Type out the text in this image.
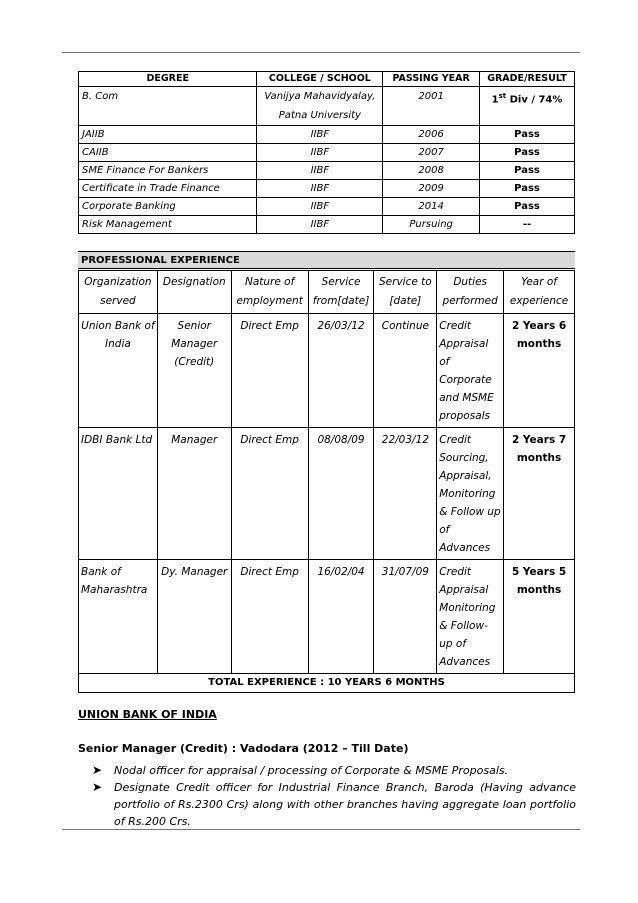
DEGREE	COLLEGE / SCHOOL	PASSING YEAR	GRADE/RESULT
B. Com	Vanijya Mahavidyalay, Patna University	2001	1st Div / 74%
JAIIB	IIBF	2006	Pass
CAIIB	IIBF	2007	Pass
SME Finance For Bankers	IIBF	2008	Pass
Certificate in Trade Finance	IIBF	2009	Pass
Corporate Banking	IIBF	2014	Pass
Risk Management	IIBF	Pursuing	--
PROFESSIONAL EXPERIENCE
Organization served	Designation	Nature of employment	Service from[date]	Service to [date]	Duties performed	Year of experience
Union Bank of India	Senior Manager (Credit)	Direct Emp	26/03/12	Continue	Credit Appraisal of Corporate and MSME proposals	2 Years 6 months
IDBI Bank Ltd	Manager	Direct Emp	08/08/09	22/03/12	Credit Sourcing, Appraisal, Monitoring & Follow up of Advances	2 Years 7 months
Bank of Maharashtra	Dy. Manager	Direct Emp	16/02/04	31/07/09	Credit Appraisal Monitoring & Follow-up of Advances	5 Years 5 months
TOTAL EXPERIENCE : 10 YEARS 6 MONTHS						
UNION BANK OF INDIA
Senior Manager (Credit) : Vadodara (2012 – Till Date)
➤ Nodal officer for appraisal / processing of Corporate & MSME Proposals.
➤ Designate Credit officer for Industrial Finance Branch, Baroda (Having advance portfolio of Rs.2300 Crs) along with other branches having aggregate loan portfolio of Rs.200 Crs.
